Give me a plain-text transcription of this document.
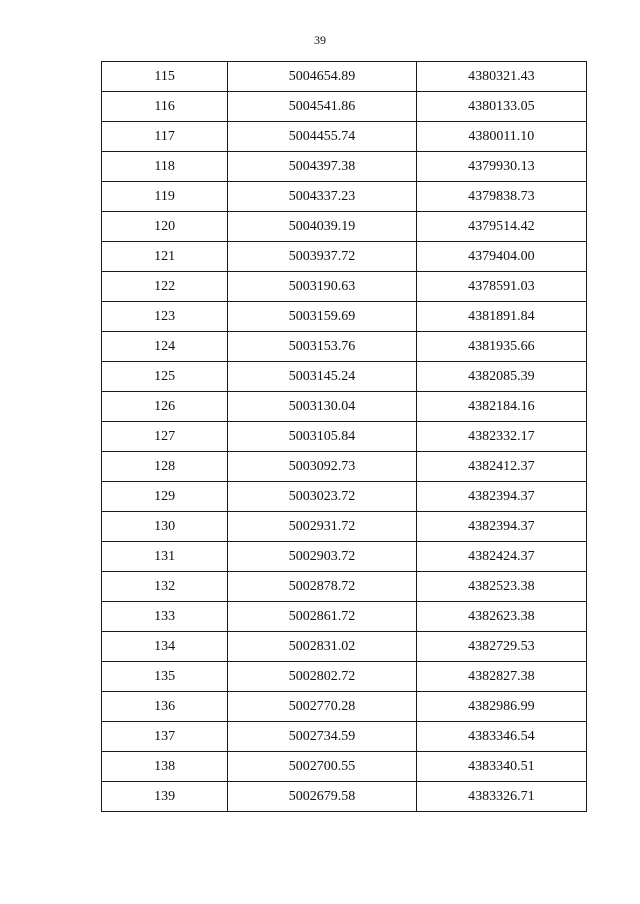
39
115	5004654.89	4380321.43
116	5004541.86	4380133.05
117	5004455.74	4380011.10
118	5004397.38	4379930.13
119	5004337.23	4379838.73
120	5004039.19	4379514.42
121	5003937.72	4379404.00
122	5003190.63	4378591.03
123	5003159.69	4381891.84
124	5003153.76	4381935.66
125	5003145.24	4382085.39
126	5003130.04	4382184.16
127	5003105.84	4382332.17
128	5003092.73	4382412.37
129	5003023.72	4382394.37
130	5002931.72	4382394.37
131	5002903.72	4382424.37
132	5002878.72	4382523.38
133	5002861.72	4382623.38
134	5002831.02	4382729.53
135	5002802.72	4382827.38
136	5002770.28	4382986.99
137	5002734.59	4383346.54
138	5002700.55	4383340.51
139	5002679.58	4383326.71
